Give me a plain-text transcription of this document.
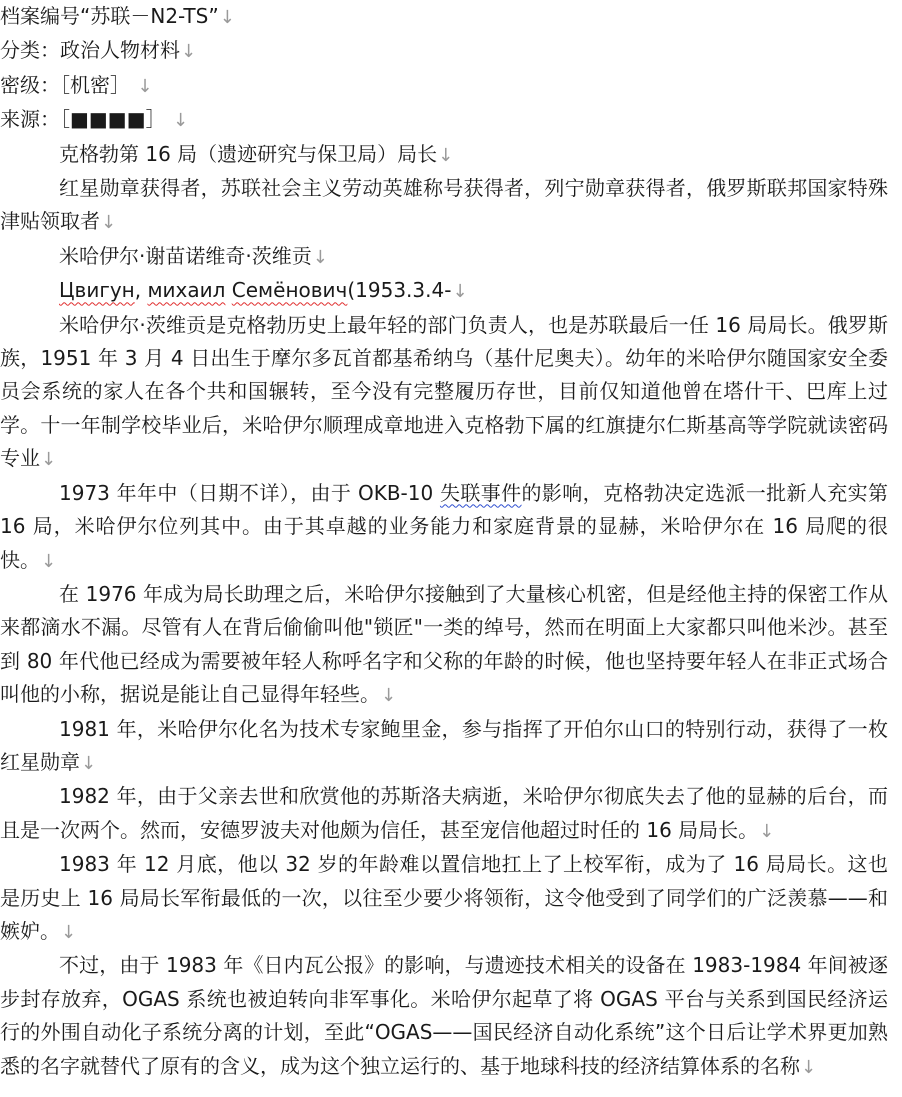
档案编号“苏联－N2-TS”↓

分类：政治人物材料↓

密级：［机密］ ↓

来源：［■■■■］ ↓

克格勃第 16 局（遗迹研究与保卫局）局长↓

红星勋章获得者，苏联社会主义劳动英雄称号获得者，列宁勋章获得者，俄罗斯联邦国家特殊津贴领取者↓

米哈伊尔·谢苗诺维奇·茨维贡↓

Цвигун, михаил Семёнович(1953.3.4-↓

米哈伊尔·茨维贡是克格勃历史上最年轻的部门负责人，也是苏联最后一任 16 局局长。俄罗斯族，1951 年 3 月 4 日出生于摩尔多瓦首都基希纳乌（基什尼奥夫）。幼年的米哈伊尔随国家安全委员会系统的家人在各个共和国辗转，至今没有完整履历存世，目前仅知道他曾在塔什干、巴库上过学。十一年制学校毕业后，米哈伊尔顺理成章地进入克格勃下属的红旗捷尔仁斯基高等学院就读密码专业↓

1973 年年中（日期不详），由于 OKB-10 失联事件的影响，克格勃决定选派一批新人充实第 16 局，米哈伊尔位列其中。由于其卓越的业务能力和家庭背景的显赫，米哈伊尔在 16 局爬的很快。↓

在 1976 年成为局长助理之后，米哈伊尔接触到了大量核心机密，但是经他主持的保密工作从来都滴水不漏。尽管有人在背后偷偷叫他"锁匠"一类的绰号，然而在明面上大家都只叫他米沙。甚至到 80 年代他已经成为需要被年轻人称呼名字和父称的年龄的时候，他也坚持要年轻人在非正式场合叫他的小称，据说是能让自己显得年轻些。↓

1981 年，米哈伊尔化名为技术专家鲍里金，参与指挥了开伯尔山口的特别行动，获得了一枚红星勋章↓

1982 年，由于父亲去世和欣赏他的苏斯洛夫病逝，米哈伊尔彻底失去了他的显赫的后台，而且是一次两个。然而，安德罗波夫对他颇为信任，甚至宠信他超过时任的 16 局局长。↓

1983 年 12 月底，他以 32 岁的年龄难以置信地扛上了上校军衔，成为了 16 局局长。这也是历史上 16 局局长军衔最低的一次，以往至少要少将领衔，这令他受到了同学们的广泛羡慕——和嫉妒。↓

不过，由于 1983 年《日内瓦公报》的影响，与遗迹技术相关的设备在 1983-1984 年间被逐步封存放弃，OGAS 系统也被迫转向非军事化。米哈伊尔起草了将 OGAS 平台与关系到国民经济运行的外围自动化子系统分离的计划，至此“OGAS——国民经济自动化系统”这个日后让学术界更加熟悉的名字就替代了原有的含义，成为这个独立运行的、基于地球科技的经济结算体系的名称↓
